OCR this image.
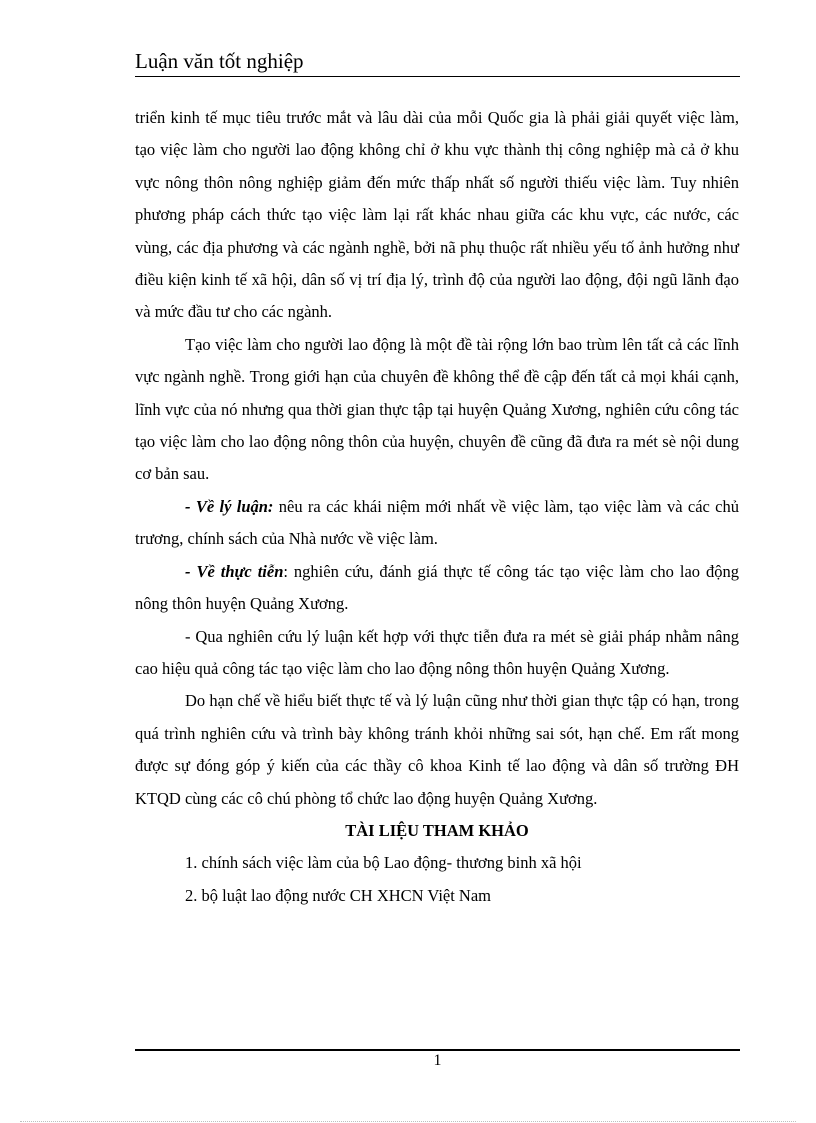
Luận văn tốt nghiệp

triển kinh tế mục tiêu trước mắt và lâu dài của mỗi Quốc gia là phải giải quyết việc làm, tạo việc làm cho người lao động không chỉ ở khu vực thành thị công nghiệp mà cả ở khu vực nông thôn nông nghiệp giảm đến mức thấp nhất số người thiếu việc làm. Tuy nhiên phương pháp cách thức tạo việc làm lại rất khác nhau giữa các khu vực, các nước, các vùng, các địa phương và các ngành nghề, bởi nã phụ thuộc rất nhiều yếu tố ảnh hưởng như điều kiện kinh tế xã hội, dân số vị trí địa lý, trình độ của người lao động, đội ngũ lãnh đạo và mức đầu tư cho các ngành.

Tạo việc làm cho người lao động là một đề tài rộng lớn bao trùm lên tất cả các lĩnh vực ngành nghề. Trong giới hạn của chuyên đề không thể đề cập đến tất cả mọi khái cạnh, lĩnh vực của nó nhưng qua thời gian thực tập tại huyện Quảng Xương, nghiên cứu công tác tạo việc làm cho lao động nông thôn của huyện, chuyên đề cũng đã đưa ra mét sè nội dung cơ bản sau.

- Về lý luận: nêu ra các khái niệm mới nhất về việc làm, tạo việc làm và các chủ trương, chính sách của Nhà nước về việc làm.

- Về thực tiễn: nghiên cứu, đánh giá thực tế công tác tạo việc làm cho lao động nông thôn huyện Quảng Xương.

- Qua nghiên cứu lý luận kết hợp với thực tiễn đưa ra mét sè giải pháp nhằm nâng cao hiệu quả công tác tạo việc làm cho lao động nông thôn huyện Quảng Xương.

Do hạn chế về hiểu biết thực tế và lý luận cũng như thời gian thực tập có hạn, trong quá trình nghiên cứu và trình bày không tránh khỏi những sai sót, hạn chế. Em rất mong được sự đóng góp ý kiến của các thầy cô khoa Kinh tế lao động và dân số trường ĐH KTQD cùng các cô chú phòng tổ chức lao động huyện Quảng Xương.

TÀI LIỆU THAM KHẢO
1. chính sách việc làm của bộ Lao động- thương binh xã hội
2. bộ luật lao động nước CH XHCN Việt Nam
1
